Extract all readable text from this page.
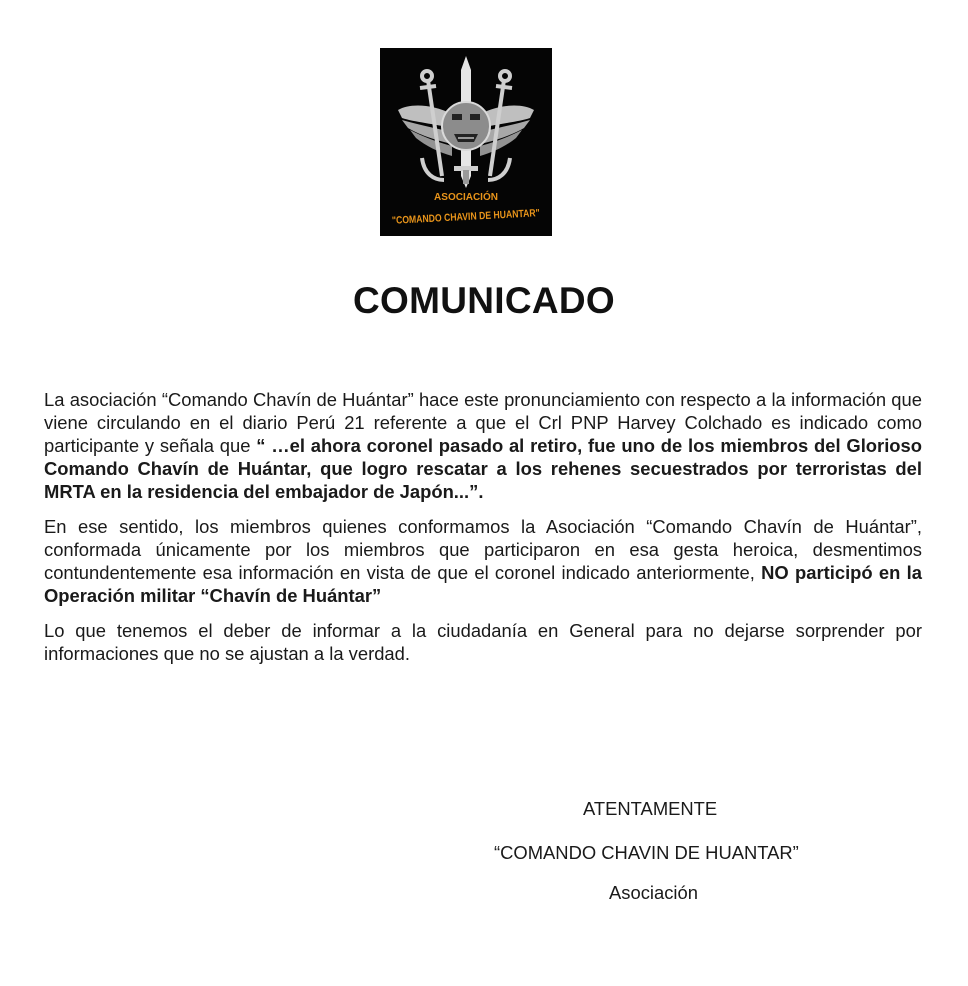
ASOCIACIÓN
"COMANDO CHAVIN DE HUANTAR"
COMUNICADO

La asociación “Comando Chavín de Huántar” hace este pronunciamiento con respecto a la información que viene circulando en el diario Perú 21 referente a que el Crl PNP Harvey Colchado es indicado como participante y señala que “ …el ahora coronel pasado al retiro, fue uno de los miembros del Glorioso Comando Chavín de Huántar, que logro rescatar a los rehenes secuestrados por terroristas del MRTA en la residencia del embajador de Japón...”.

En ese sentido, los miembros quienes conformamos la Asociación “Comando Chavín de Huántar”, conformada únicamente por los miembros que participaron en esa gesta heroica, desmentimos contundentemente esa información en vista de que el coronel indicado anteriormente, NO participó en la Operación militar “Chavín de Huántar”

Lo que tenemos el deber de informar a la ciudadanía en General para no dejarse sorprender por informaciones que no se ajustan a la verdad.

ATENTAMENTE
“COMANDO CHAVIN DE HUANTAR”
Asociación
